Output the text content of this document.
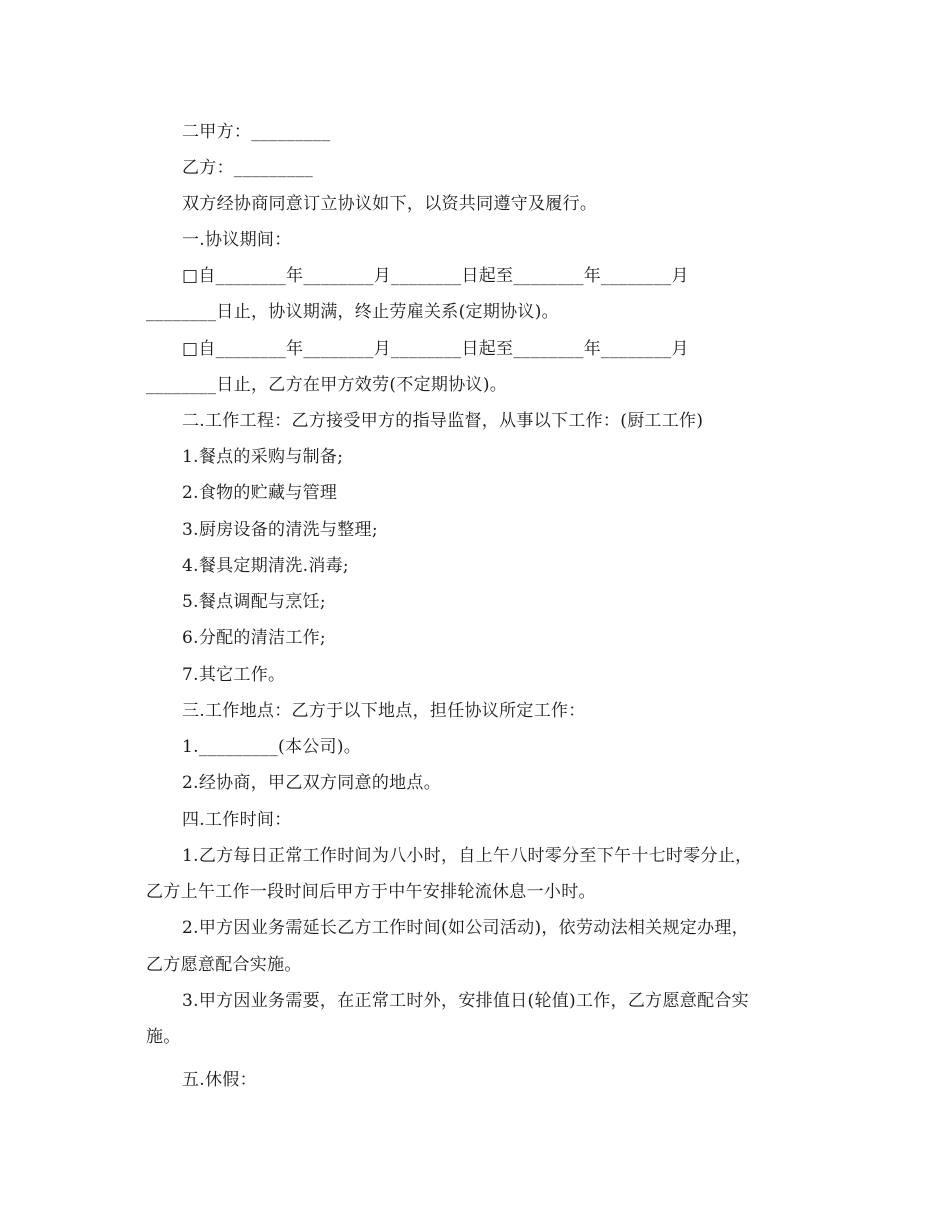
二甲方：_________
乙方：_________
双方经协商同意订立协议如下，以资共同遵守及履行。
一.协议期间：
□自________年________月________日起至________年________月
________日止，协议期满，终止劳雇关系(定期协议)。
□自________年________月________日起至________年________月
________日止，乙方在甲方效劳(不定期协议)。
二.工作工程：乙方接受甲方的指导监督，从事以下工作：(厨工工作)
1.餐点的采购与制备;
2.食物的贮藏与管理
3.厨房设备的清洗与整理;
4.餐具定期清洗.消毒;
5.餐点调配与烹饪;
6.分配的清洁工作;
7.其它工作。
三.工作地点：乙方于以下地点，担任协议所定工作：
1._________(本公司)。
2.经协商，甲乙双方同意的地点。
四.工作时间：
1.乙方每日正常工作时间为八小时，自上午八时零分至下午十七时零分止，
乙方上午工作一段时间后甲方于中午安排轮流休息一小时。
2.甲方因业务需延长乙方工作时间(如公司活动)，依劳动法相关规定办理，
乙方愿意配合实施。
3.甲方因业务需要，在正常工时外，安排值日(轮值)工作，乙方愿意配合实
施。
五.休假：
